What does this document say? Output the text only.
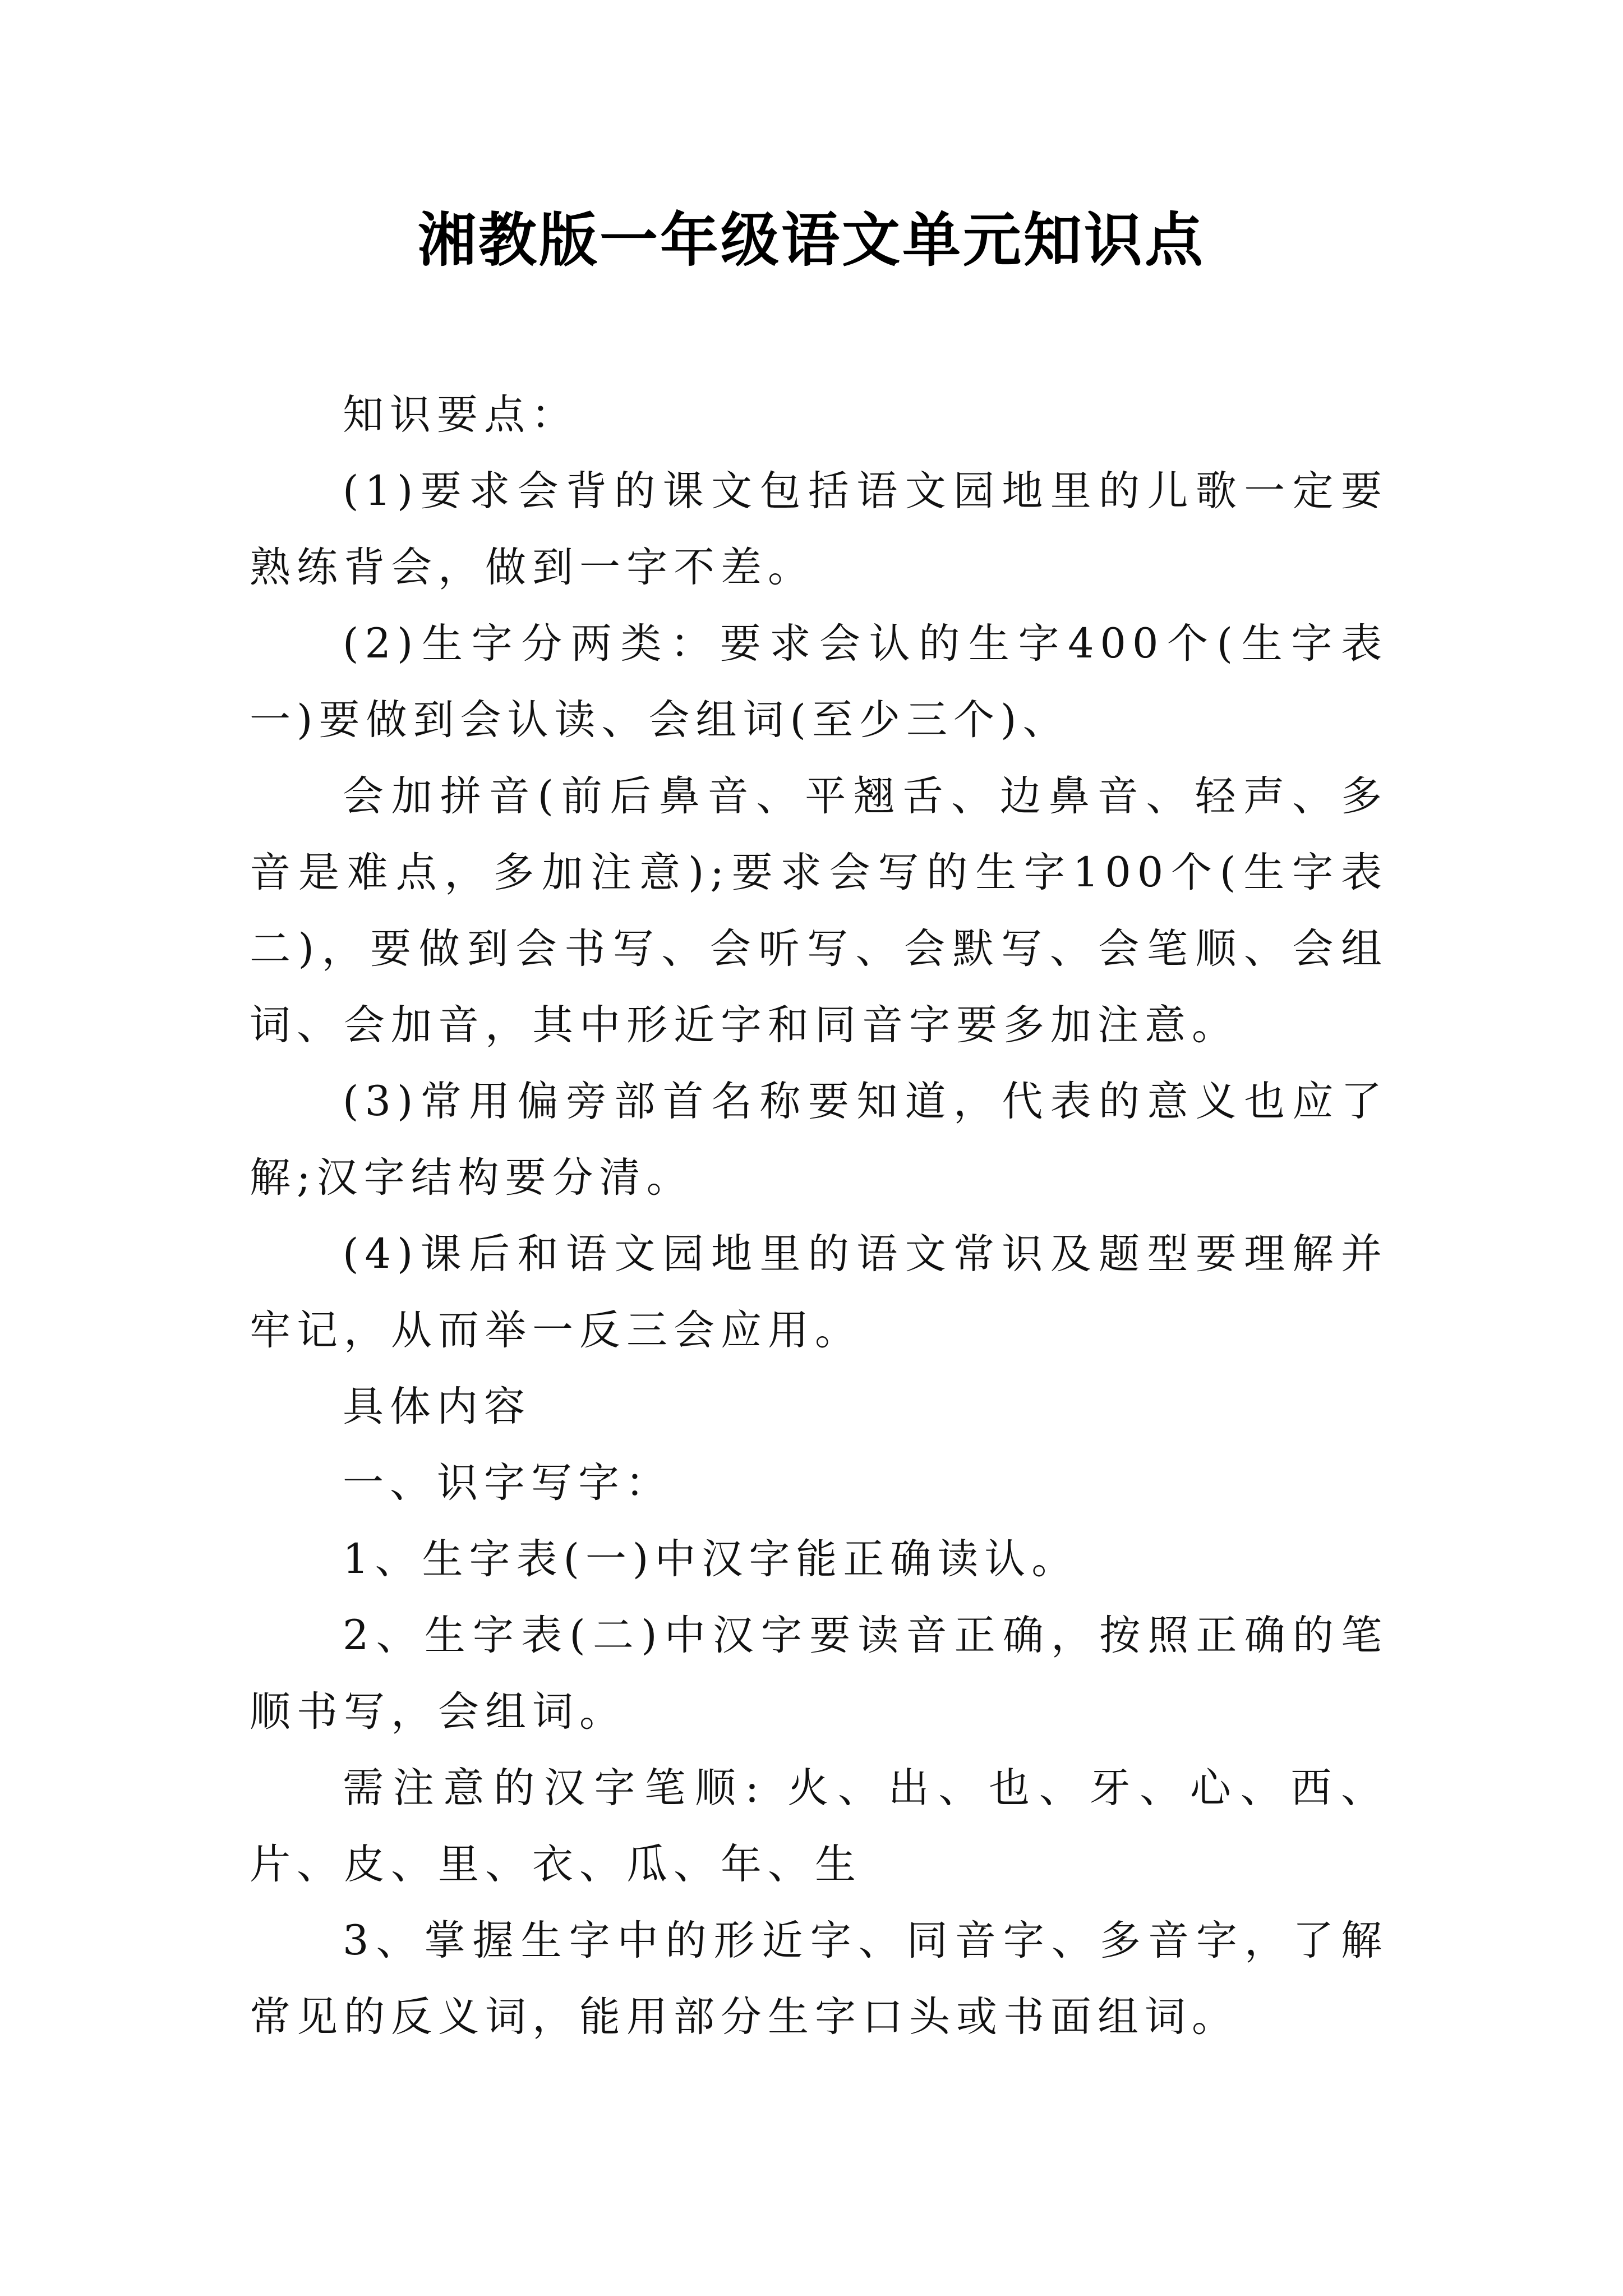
湘教版一年级语文单元知识点

知识要点：

(1)要求会背的课文包括语文园地里的儿歌一定要熟练背会，做到一字不差。

(2)生字分两类：要求会认的生字400个(生字表一)要做到会认读、会组词(至少三个)、

会加拼音(前后鼻音、平翘舌、边鼻音、轻声、多音是难点，多加注意);要求会写的生字100个(生字表二)，要做到会书写、会听写、会默写、会笔顺、会组词、会加音，其中形近字和同音字要多加注意。

(3)常用偏旁部首名称要知道，代表的意义也应了解;汉字结构要分清。

(4)课后和语文园地里的语文常识及题型要理解并牢记，从而举一反三会应用。

具体内容

一、识字写字：

1、生字表(一)中汉字能正确读认。

2、生字表(二)中汉字要读音正确，按照正确的笔顺书写，会组词。

需注意的汉字笔顺: 火、出、也、牙、心、西、片、皮、里、衣、瓜、年、生

3、掌握生字中的形近字、同音字、多音字，了解常见的反义词，能用部分生字口头或书面组词。
